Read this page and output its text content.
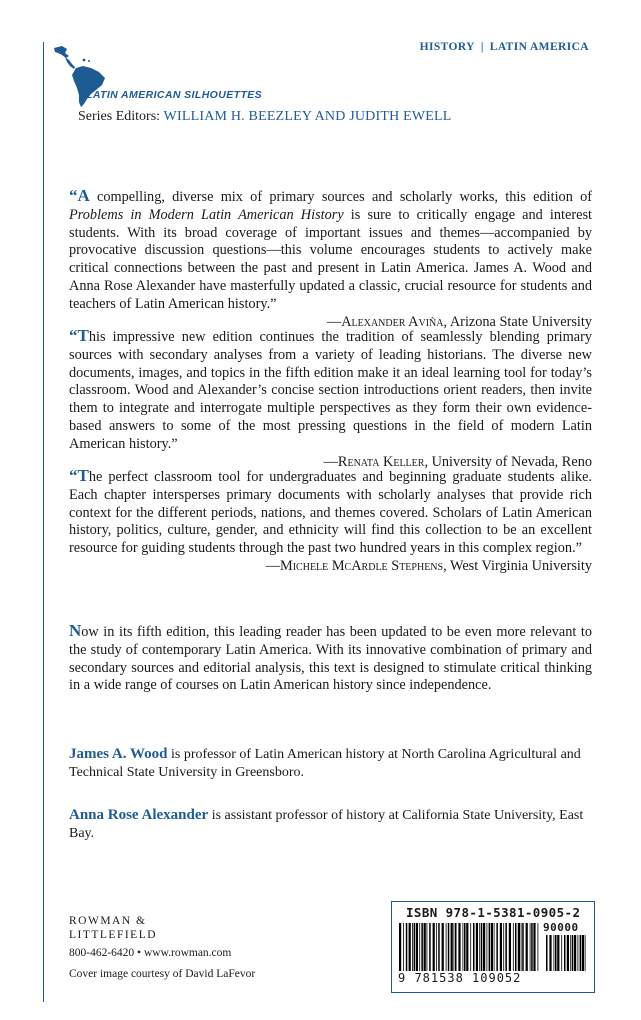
HISTORY | LATIN AMERICA
LATIN AMERICAN SILHOUETTES
Series Editors: WILLIAM H. BEEZLEY AND JUDITH EWELL

“A compelling, diverse mix of primary sources and scholarly works, this edition of Problems in Modern Latin American History is sure to critically engage and interest students. With its broad coverage of important issues and themes—accompanied by provocative discussion questions—this volume encourages students to actively make critical connections between the past and present in Latin America. James A. Wood and Anna Rose Alexander have masterfully updated a classic, crucial resource for students and teachers of Latin American history.”
—Alexander Aviña, Arizona State University

“This impressive new edition continues the tradition of seamlessly blending primary sources with secondary analyses from a variety of leading historians. The diverse new documents, images, and topics in the fifth edition make it an ideal learning tool for today’s classroom. Wood and Alexander’s concise section introductions orient readers, then invite them to integrate and interrogate multiple perspectives as they form their own evidence-based answers to some of the most pressing questions in the field of modern Latin American history.”
—Renata Keller, University of Nevada, Reno

“The perfect classroom tool for undergraduates and beginning graduate students alike. Each chapter intersperses primary documents with scholarly analyses that provide rich context for the different periods, nations, and themes covered. Scholars of Latin American history, politics, culture, gender, and ethnicity will find this collection to be an excellent resource for guiding students through the past two hundred years in this complex region.”
—Michele McArdle Stephens, West Virginia University

Now in its fifth edition, this leading reader has been updated to be even more relevant to the study of contemporary Latin America. With its innovative combination of primary and secondary sources and editorial analysis, this text is designed to stimulate critical thinking in a wide range of courses on Latin American history since independence.

James A. Wood is professor of Latin American history at North Carolina Agricultural and Technical State University in Greensboro.

Anna Rose Alexander is assistant professor of history at California State University, East Bay.

ROWMAN &
LITTLEFIELD
800-462-6420 • www.rowman.com
Cover image courtesy of David LaFevor
ISBN 978-1-5381-0905-2
90000
9 781538 109052
